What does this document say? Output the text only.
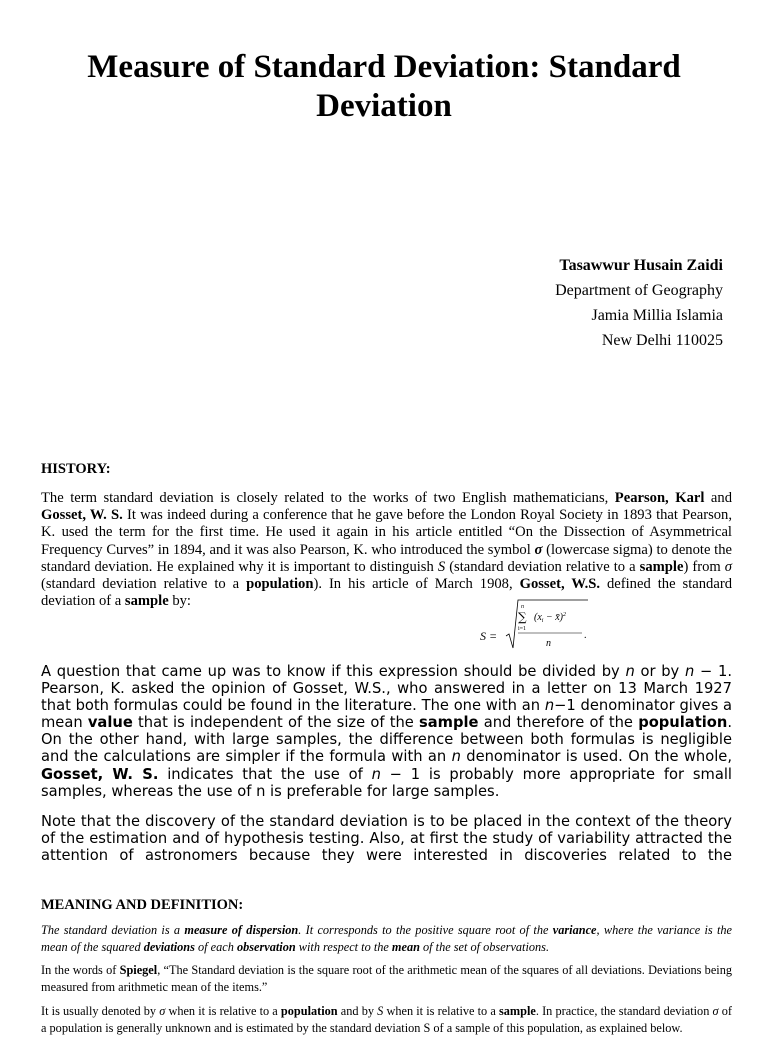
Measure of Standard Deviation: Standard Deviation
Tasawwur Husain Zaidi
Department of Geography
Jamia Millia Islamia
New Delhi 110025
HISTORY:
The term standard deviation is closely related to the works of two English mathematicians, Pearson, Karl and Gosset, W. S. It was indeed during a conference that he gave before the London Royal Society in 1893 that Pearson, K. used the term for the first time. He used it again in his article entitled “On the Dissection of Asymmetrical Frequency Curves” in 1894, and it was also Pearson, K. who introduced the symbol σ (lowercase sigma) to denote the standard deviation. He explained why it is important to distinguish S (standard deviation relative to a sample) from σ (standard deviation relative to a population). In his article of March 1908, Gosset, W.S. defined the standard deviation of a sample by:
S =
n
∑
i=1
($x_i$ − x̄)$^2$
n
.
A question that came up was to know if this expression should be divided by n or by n − 1. Pearson, K. asked the opinion of Gosset, W.S., who answered in a letter on 13 March 1927 that both formulas could be found in the literature. The one with an n−1 denominator gives a mean value that is independent of the size of the sample and therefore of the population. On the other hand, with large samples, the difference between both formulas is negligible and the calculations are simpler if the formula with an n denominator is used. On the whole, Gosset, W. S. indicates that the use of n − 1 is probably more appropriate for small samples, whereas the use of n is preferable for large samples.
Note that the discovery of the standard deviation is to be placed in the context of the theory of the estimation and of hypothesis testing. Also, at first the study of variability attracted the attention of astronomers because they were interested in discoveries related to the
MEANING AND DEFINITION:
The standard deviation is a measure of dispersion. It corresponds to the positive square root of the variance, where the variance is the mean of the squared deviations of each observation with respect to the mean of the set of observations.
In the words of Spiegel, “The Standard deviation is the square root of the arithmetic mean of the squares of all deviations. Deviations being measured from arithmetic mean of the items.”
It is usually denoted by σ when it is relative to a population and by S when it is relative to a sample. In practice, the standard deviation σ of a population is generally unknown and is estimated by the standard deviation S of a sample of this population, as explained below.
